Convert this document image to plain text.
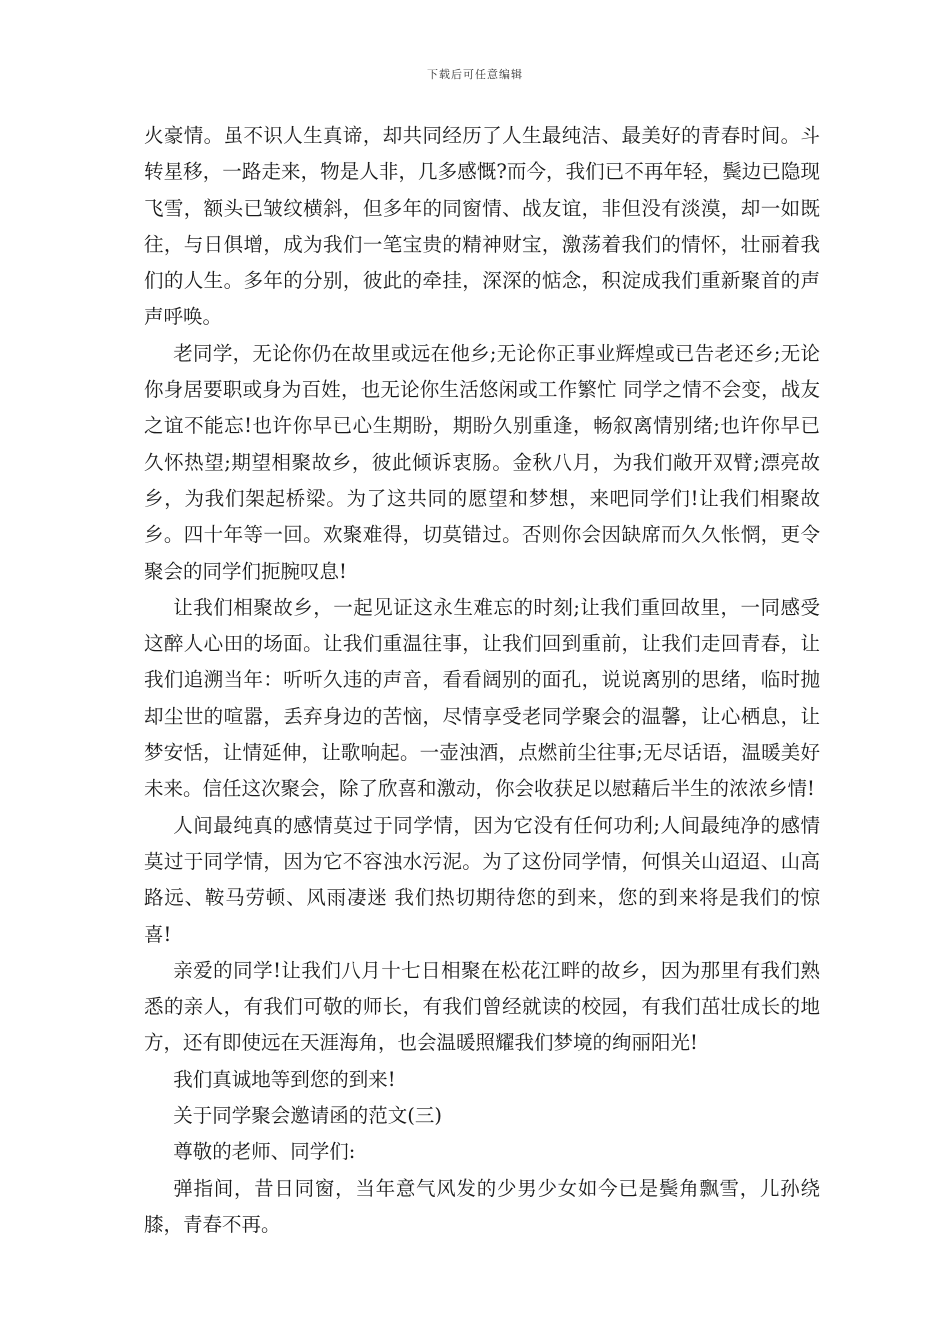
下载后可任意编辑

火豪情。虽不识人生真谛，却共同经历了人生最纯洁、最美好的青春时间。斗转星移，一路走来，物是人非，几多感慨?而今，我们已不再年轻，鬓边已隐现飞雪，额头已皱纹横斜，但多年的同窗情、战友谊，非但没有淡漠，却一如既往，与日俱增，成为我们一笔宝贵的精神财宝，激荡着我们的情怀，壮丽着我们的人生。多年的分别，彼此的牵挂，深深的惦念，积淀成我们重新聚首的声声呼唤。

老同学，无论你仍在故里或远在他乡;无论你正事业辉煌或已告老还乡;无论你身居要职或身为百姓，也无论你生活悠闲或工作繁忙 同学之情不会变，战友之谊不能忘!也许你早已心生期盼，期盼久别重逢，畅叙离情别绪;也许你早已久怀热望;期望相聚故乡，彼此倾诉衷肠。金秋八月，为我们敞开双臂;漂亮故乡，为我们架起桥梁。为了这共同的愿望和梦想，来吧同学们!让我们相聚故乡。四十年等一回。欢聚难得，切莫错过。否则你会因缺席而久久怅惘，更令聚会的同学们扼腕叹息!

让我们相聚故乡，一起见证这永生难忘的时刻;让我们重回故里，一同感受这醉人心田的场面。让我们重温往事，让我们回到重前，让我们走回青春，让我们追溯当年：听听久违的声音，看看阔别的面孔，说说离别的思绪，临时抛却尘世的喧嚣，丢弃身边的苦恼，尽情享受老同学聚会的温馨，让心栖息，让梦安恬，让情延伸，让歌响起。一壶浊酒，点燃前尘往事;无尽话语，温暖美好未来。信任这次聚会，除了欣喜和激动，你会收获足以慰藉后半生的浓浓乡情!

人间最纯真的感情莫过于同学情，因为它没有任何功利;人间最纯净的感情莫过于同学情，因为它不容浊水污泥。为了这份同学情，何惧关山迢迢、山高路远、鞍马劳顿、风雨凄迷 我们热切期待您的到来，您的到来将是我们的惊喜!

亲爱的同学!让我们八月十七日相聚在松花江畔的故乡，因为那里有我们熟悉的亲人，有我们可敬的师长，有我们曾经就读的校园，有我们茁壮成长的地方，还有即使远在天涯海角，也会温暖照耀我们梦境的绚丽阳光!

我们真诚地等到您的到来!

关于同学聚会邀请函的范文(三)

尊敬的老师、同学们:

弹指间，昔日同窗，当年意气风发的少男少女如今已是鬓角飘雪，儿孙绕膝，青春不再。
